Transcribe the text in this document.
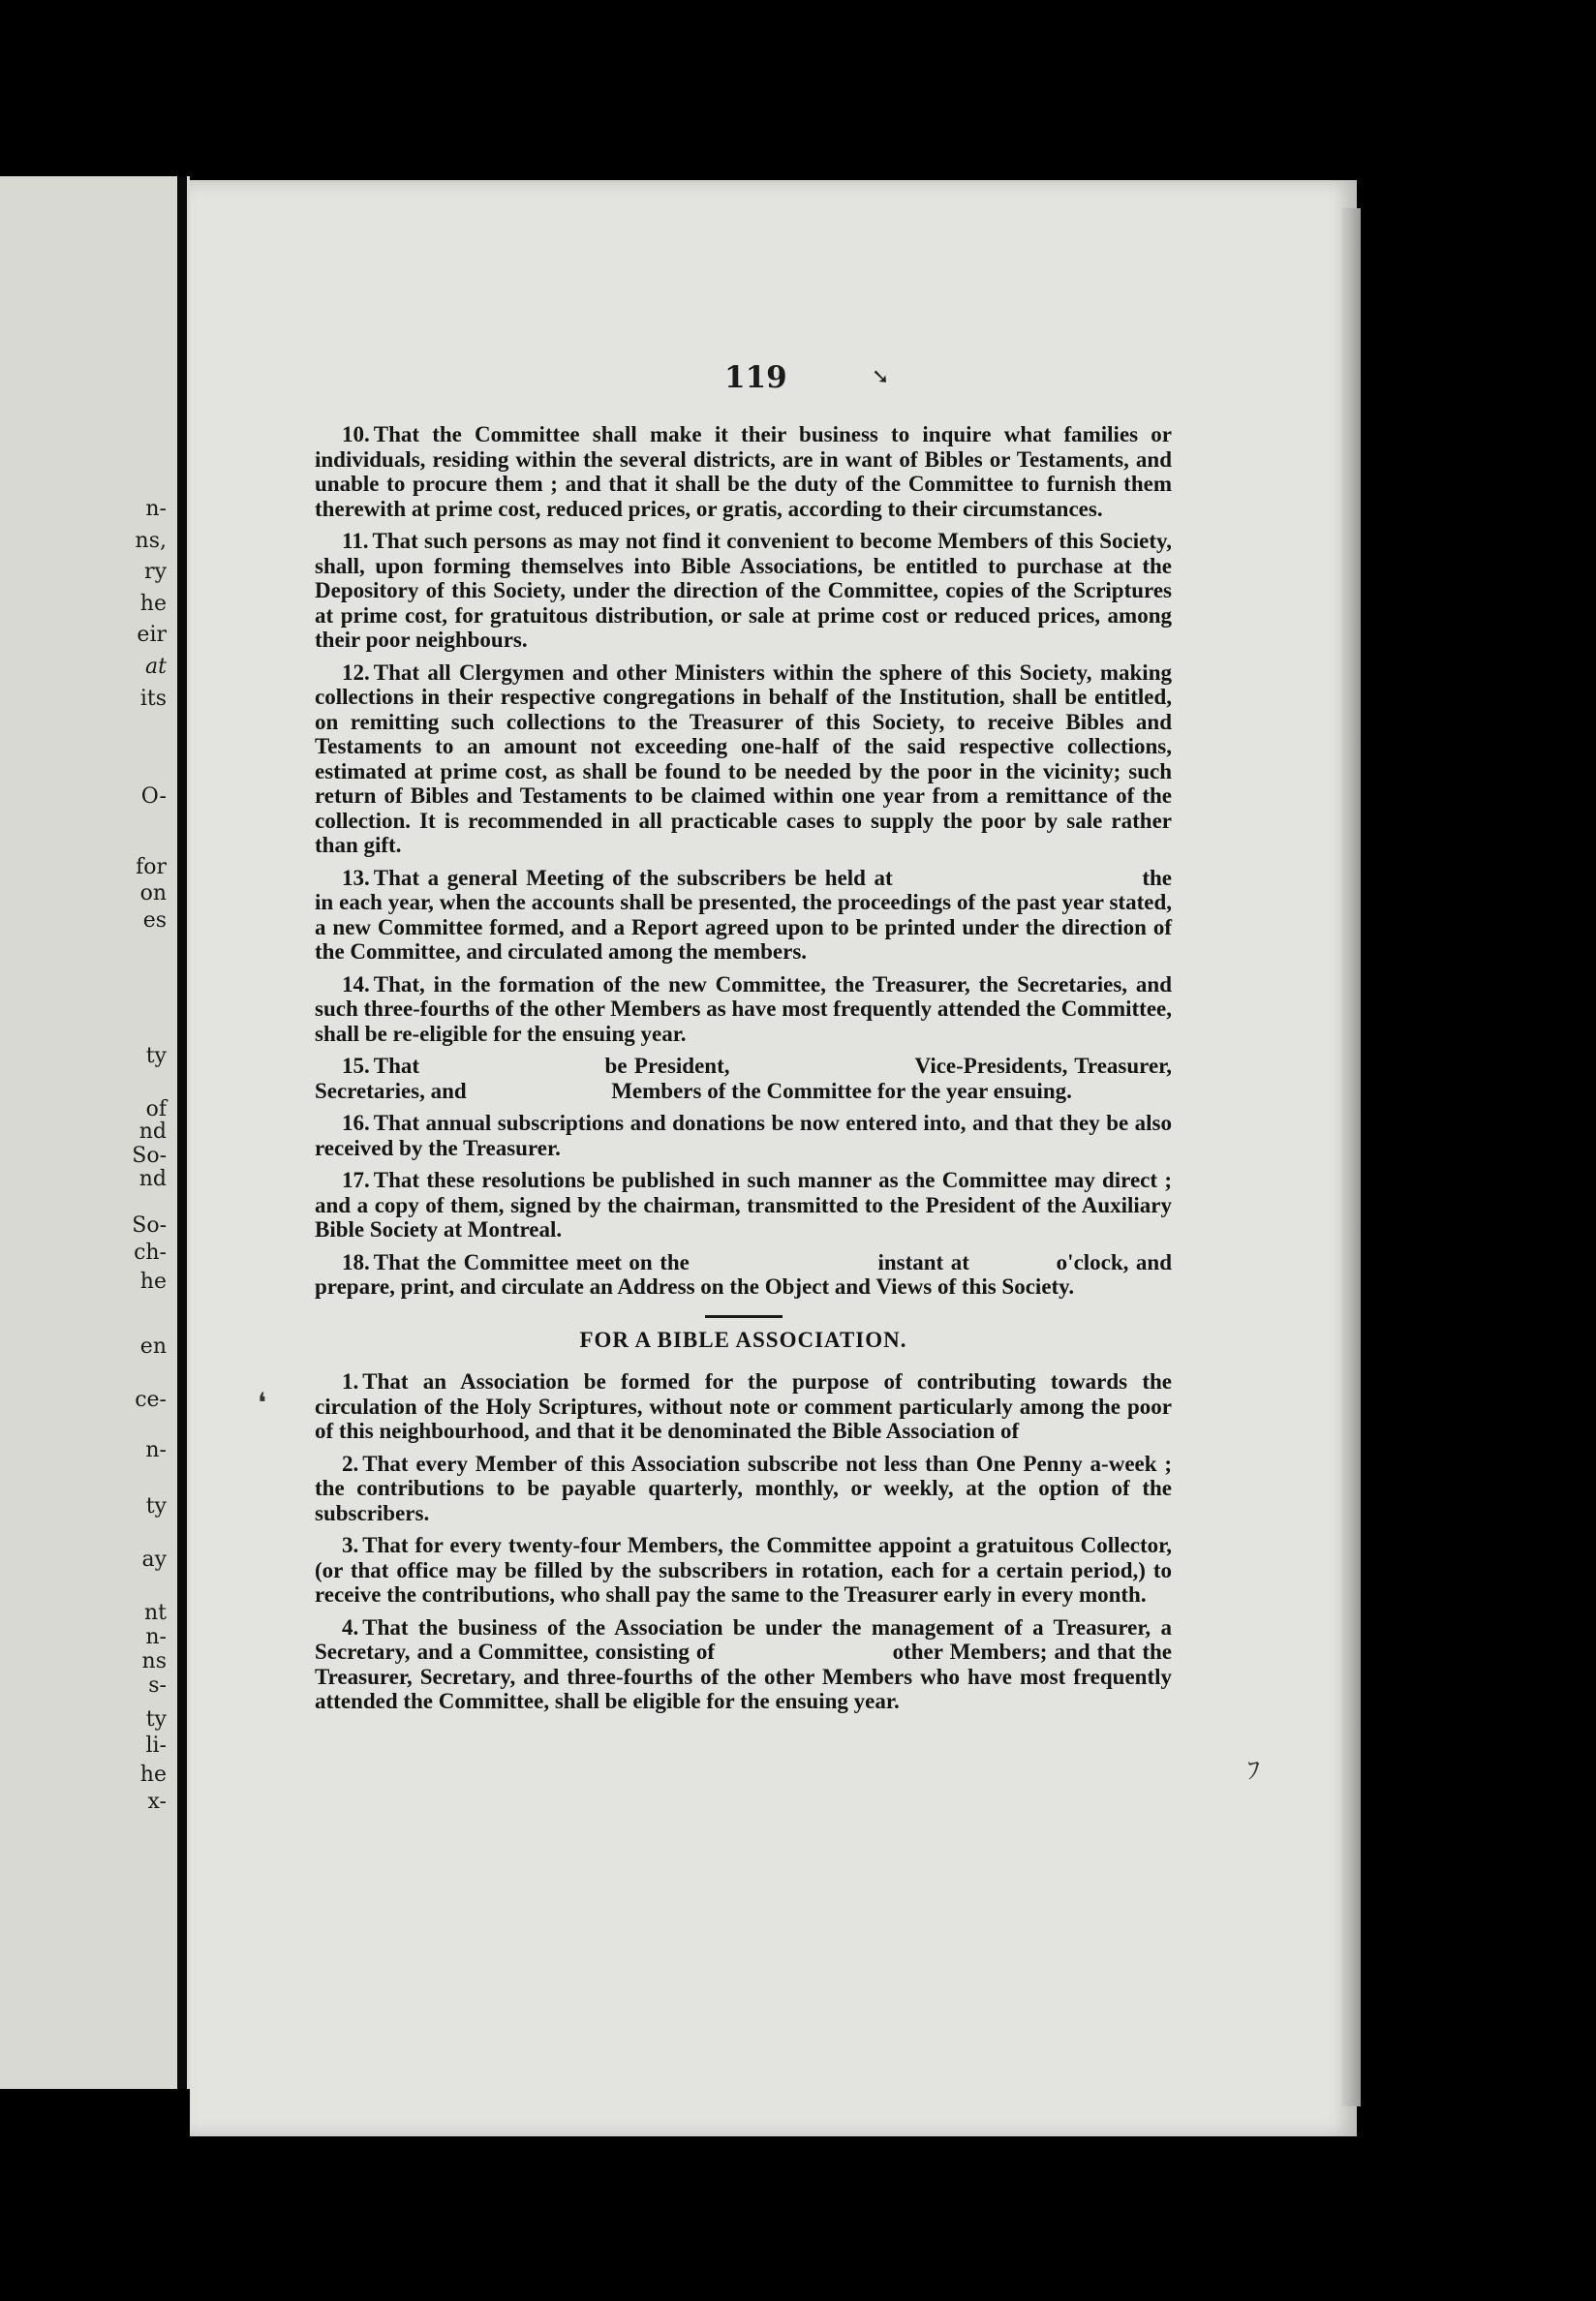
n-
ns,
ry
he
eir
at
its
O-
for
on
es
ty
of
nd
So-
nd
So-
ch-
he
en
ce-
n-
ty
ay
nt
n-
ns
s-
ty
li-
he
x-
119	➘

10. That the Committee shall make it their business to inquire what families or individuals, residing within the several districts, are in want of Bibles or Testaments, and unable to procure them ; and that it shall be the duty of the Committee to furnish them therewith at prime cost, reduced prices, or gratis, according to their circumstances.

11. That such persons as may not find it convenient to become Members of this Society, shall, upon forming themselves into Bible Associations, be entitled to purchase at the Depository of this Society, under the direction of the Committee, copies of the Scriptures at prime cost, for gratuitous distribution, or sale at prime cost or reduced prices, among their poor neighbours.

12. That all Clergymen and other Ministers within the sphere of this Society, making collections in their respective congregations in behalf of the Institution, shall be entitled, on remitting such collections to the Treasurer of this Society, to receive Bibles and Testaments to an amount not exceeding one-half of the said respective collections, estimated at prime cost, as shall be found to be needed by the poor in the vicinity; such return of Bibles and Testaments to be claimed within one year from a remittance of the collection. It is recommended in all practicable cases to supply the poor by sale rather than gift.

13. That a general Meeting of the subscribers be held at                              the                              in each year, when the accounts shall be presented, the proceedings of the past year stated, a new Committee formed, and a Report agreed upon to be printed under the direction of the Committee, and circulated among the members.

14. That, in the formation of the new Committee, the Treasurer, the Secretaries, and such three-fourths of the other Members as have most frequently attended the Committee, shall be re-eligible for the ensuing year.

15. That                          be President,                          Vice-Presidents, Treasurer,                          Secretaries, and                          Members of the Committee for the year ensuing.

16. That annual subscriptions and donations be now entered into, and that they be also received by the Treasurer.

17. That these resolutions be published in such manner as the Committee may direct ; and a copy of them, signed by the chairman, transmitted to the President of the Auxiliary Bible Society at Montreal.

18. That the Committee meet on the                          instant at            o'clock, and prepare, print, and circulate an Address on the Object and Views of this Society.

FOR A BIBLE ASSOCIATION.

1. That an Association be formed for the purpose of contributing towards the circulation of the Holy Scriptures, without note or comment particularly among the poor of this neighbourhood, and that it be denominated the Bible Association of

2. That every Member of this Association subscribe not less than One Penny a-week ; the contributions to be payable quarterly, monthly, or weekly, at the option of the subscribers.

3. That for every twenty-four Members, the Committee appoint a gratuitous Collector, (or that office may be filled by the subscribers in rotation, each for a certain period,) to receive the contributions, who shall pay the same to the Treasurer early in every month.

4. That the business of the Association be under the management of a Treasurer, a Secretary, and a Committee, consisting of                          other Members; and that the Treasurer, Secretary, and three-fourths of the other Members who have most frequently attended the Committee, shall be eligible for the ensuing year.

❛
ﾌ
